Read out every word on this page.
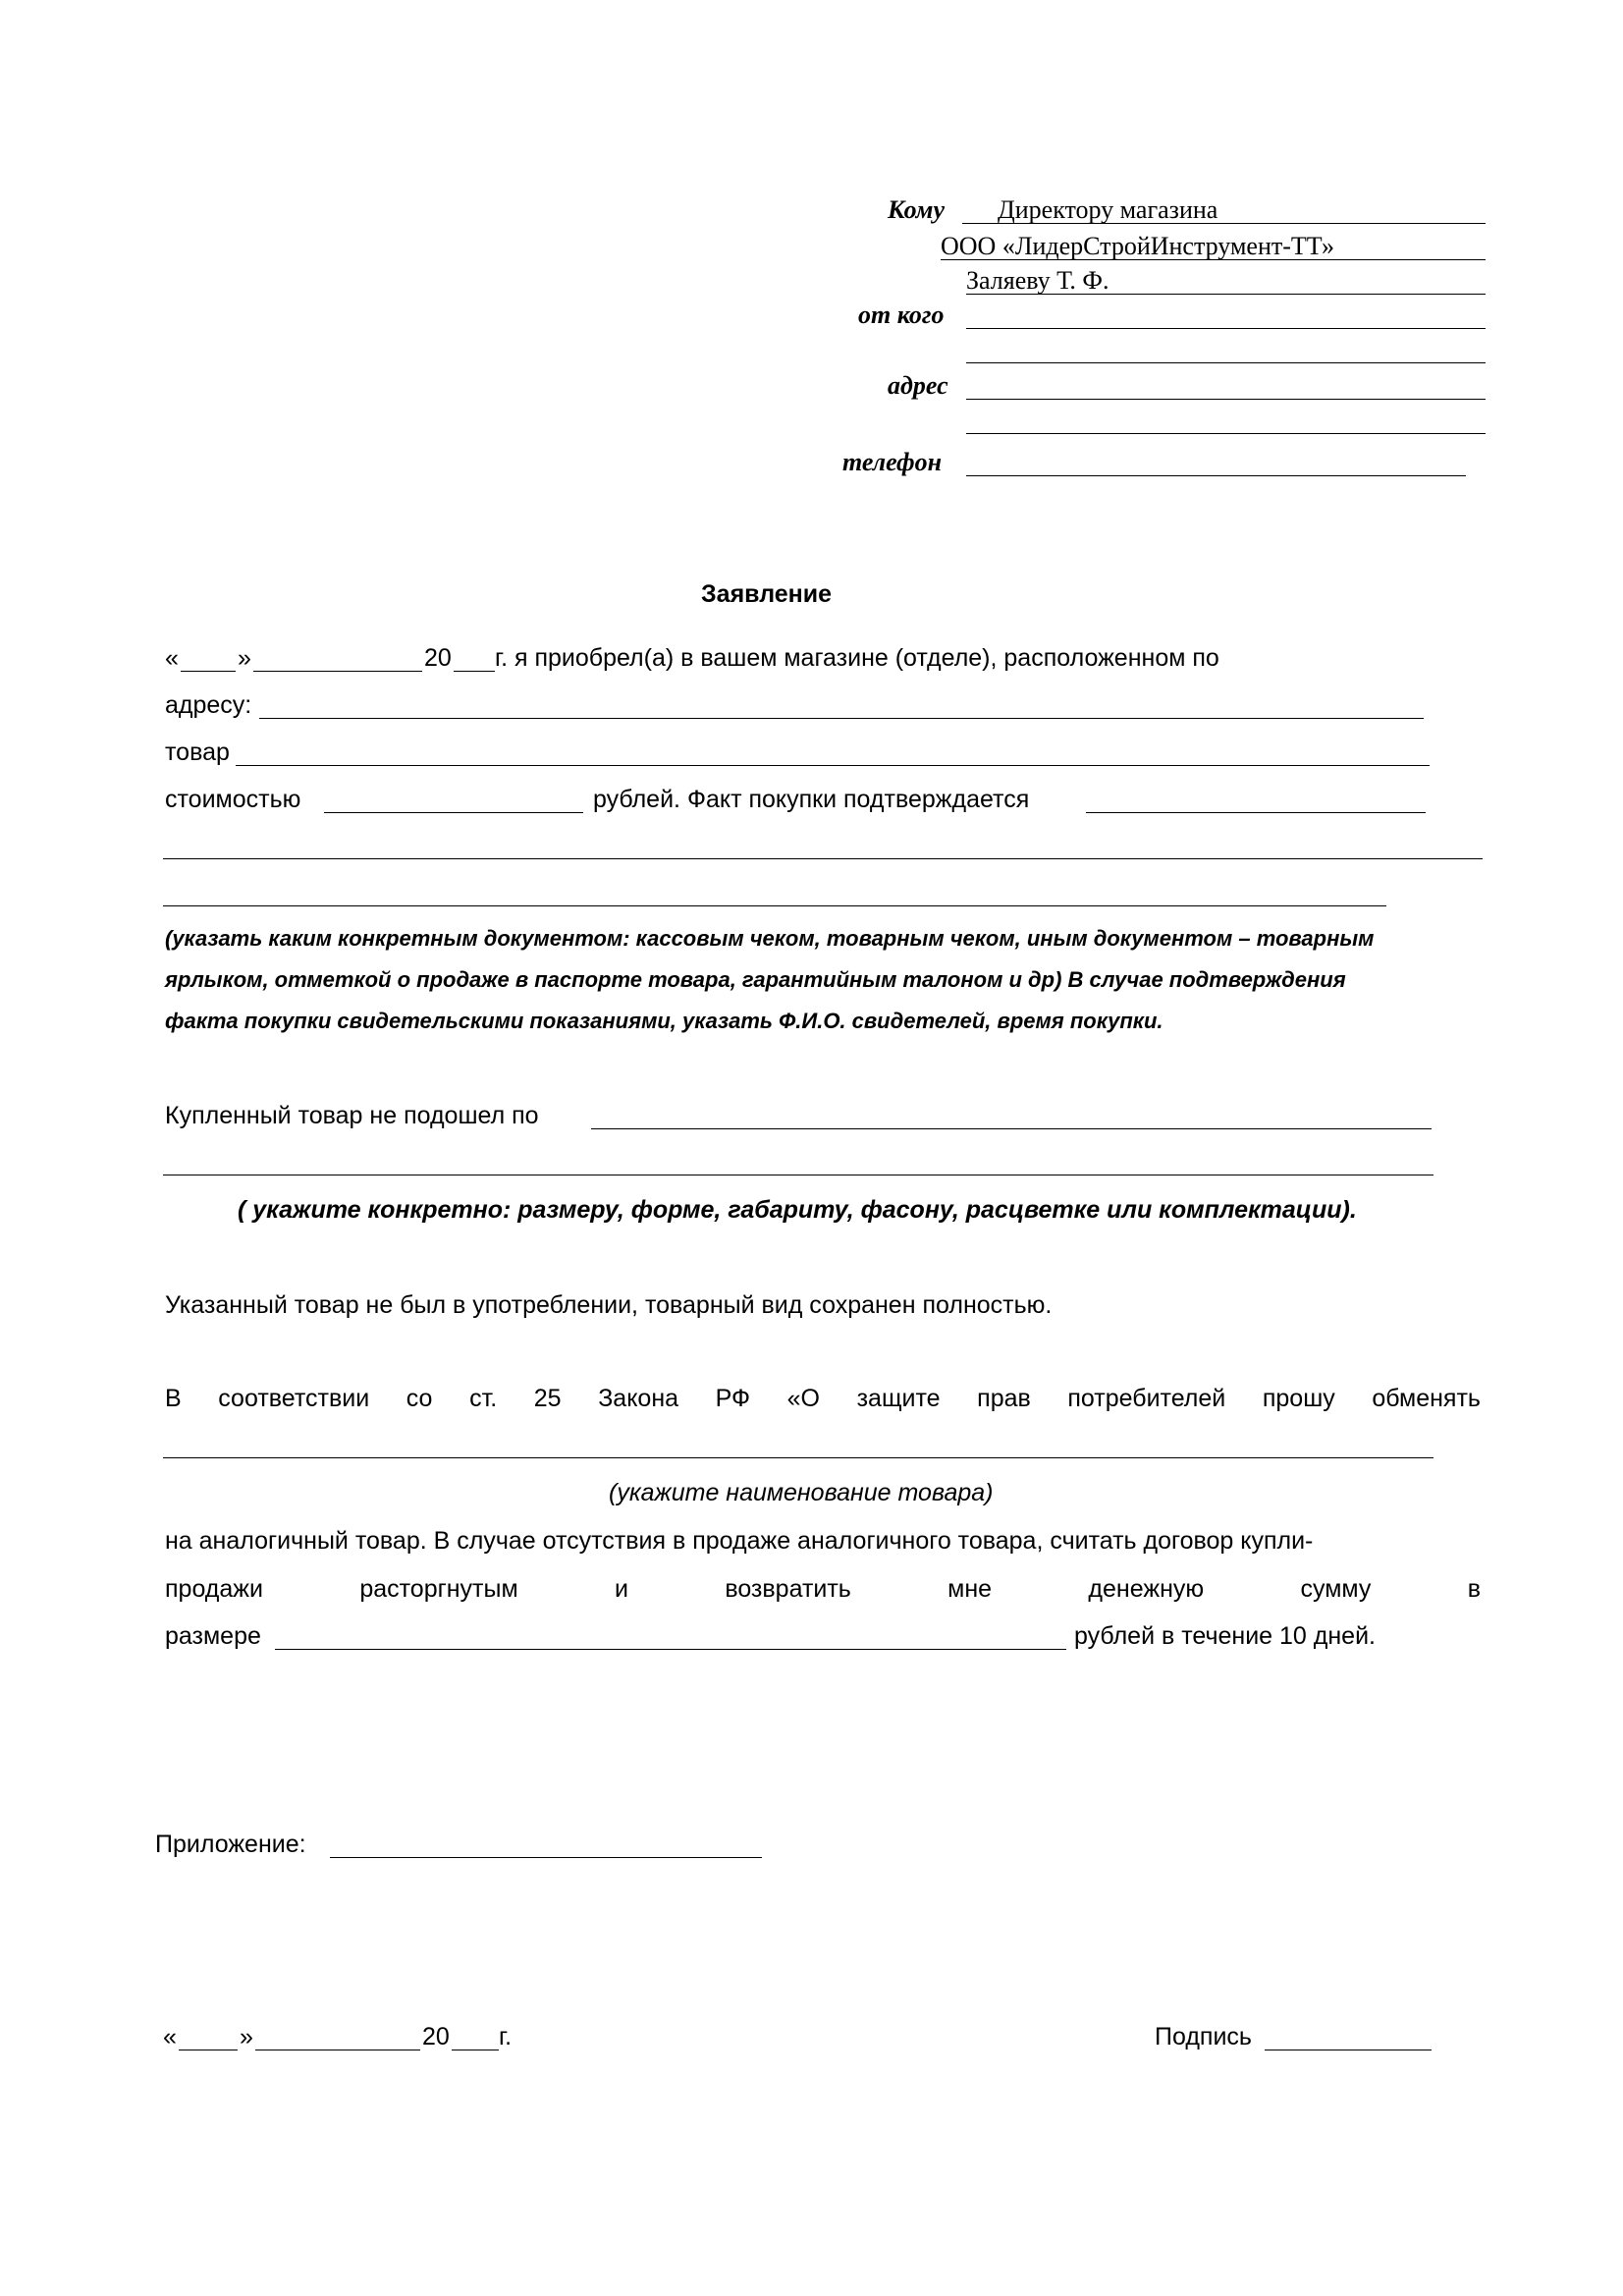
Кому Директору магазина
ООО «ЛидерСтройИнструмент-ТТ»
Заляеву Т. Ф.
от кого
адрес
телефон
Заявление
« »	20 г. я приобрел(а) в вашем магазине (отделе), расположенном по
адресу:
товар
стоимостью	рублей. Факт покупки подтверждается
(указать каким конкретным документом: кассовым чеком, товарным чеком, иным документом – товарным
ярлыком, отметкой о продаже в паспорте товара, гарантийным талоном и др) В случае подтверждения
факта покупки свидетельскими показаниями, указать Ф.И.О. свидетелей, время покупки.
Купленный товар не подошел по
( укажите конкретно: размеру, форме, габариту, фасону, расцветке или комплектации).
Указанный товар не был в употреблении, товарный вид сохранен полностью.
В соответствии со ст. 25 Закона РФ «О защите прав потребителей прошу обменять
(укажите наименование товара)
на аналогичный товар. В случае отсутствия в продаже аналогичного товара, считать договор купли-
продажи	расторгнутым	и	возвратить	мне	денежную	сумму	в
размере	рублей в течение 10 дней.
Приложение:
«	»	20 г.	Подпись
